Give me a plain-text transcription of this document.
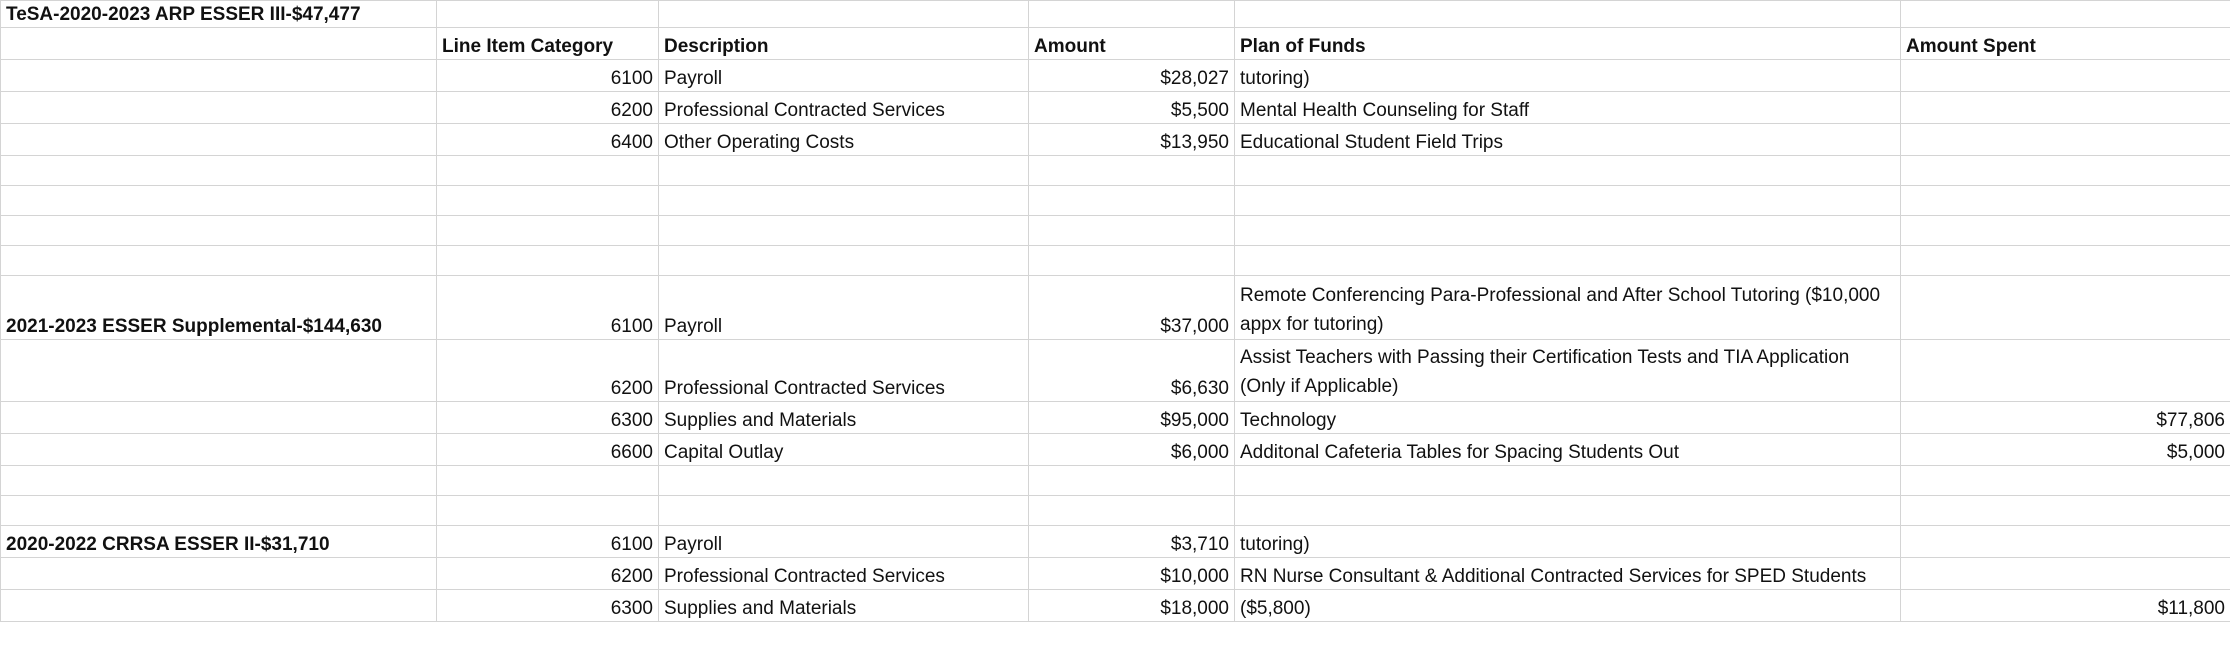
TeSA-2020-2023 ARP ESSER III-$47,477					
	Line Item Category	Description	Amount	Plan of Funds	Amount Spent
	6100	Payroll	$28,027	tutoring)	
	6200	Professional Contracted Services	$5,500	Mental Health Counseling for Staff	
	6400	Other Operating Costs	$13,950	Educational Student Field Trips	

2021-2023 ESSER Supplemental-$144,630	6100	Payroll	$37,000	Remote Conferencing Para-Professional and After School Tutoring ($10,000 appx for tutoring)	
	6200	Professional Contracted Services	$6,630	Assist Teachers with Passing their Certification Tests and TIA Application (Only if Applicable)	
	6300	Supplies and Materials	$95,000	Technology	$77,806
	6600	Capital Outlay	$6,000	Additonal Cafeteria Tables for Spacing Students Out	$5,000

2020-2022 CRRSA ESSER II-$31,710	6100	Payroll	$3,710	tutoring)	
	6200	Professional Contracted Services	$10,000	RN Nurse Consultant & Additional Contracted Services for SPED Students	
	6300	Supplies and Materials	$18,000	($5,800)	$11,800
